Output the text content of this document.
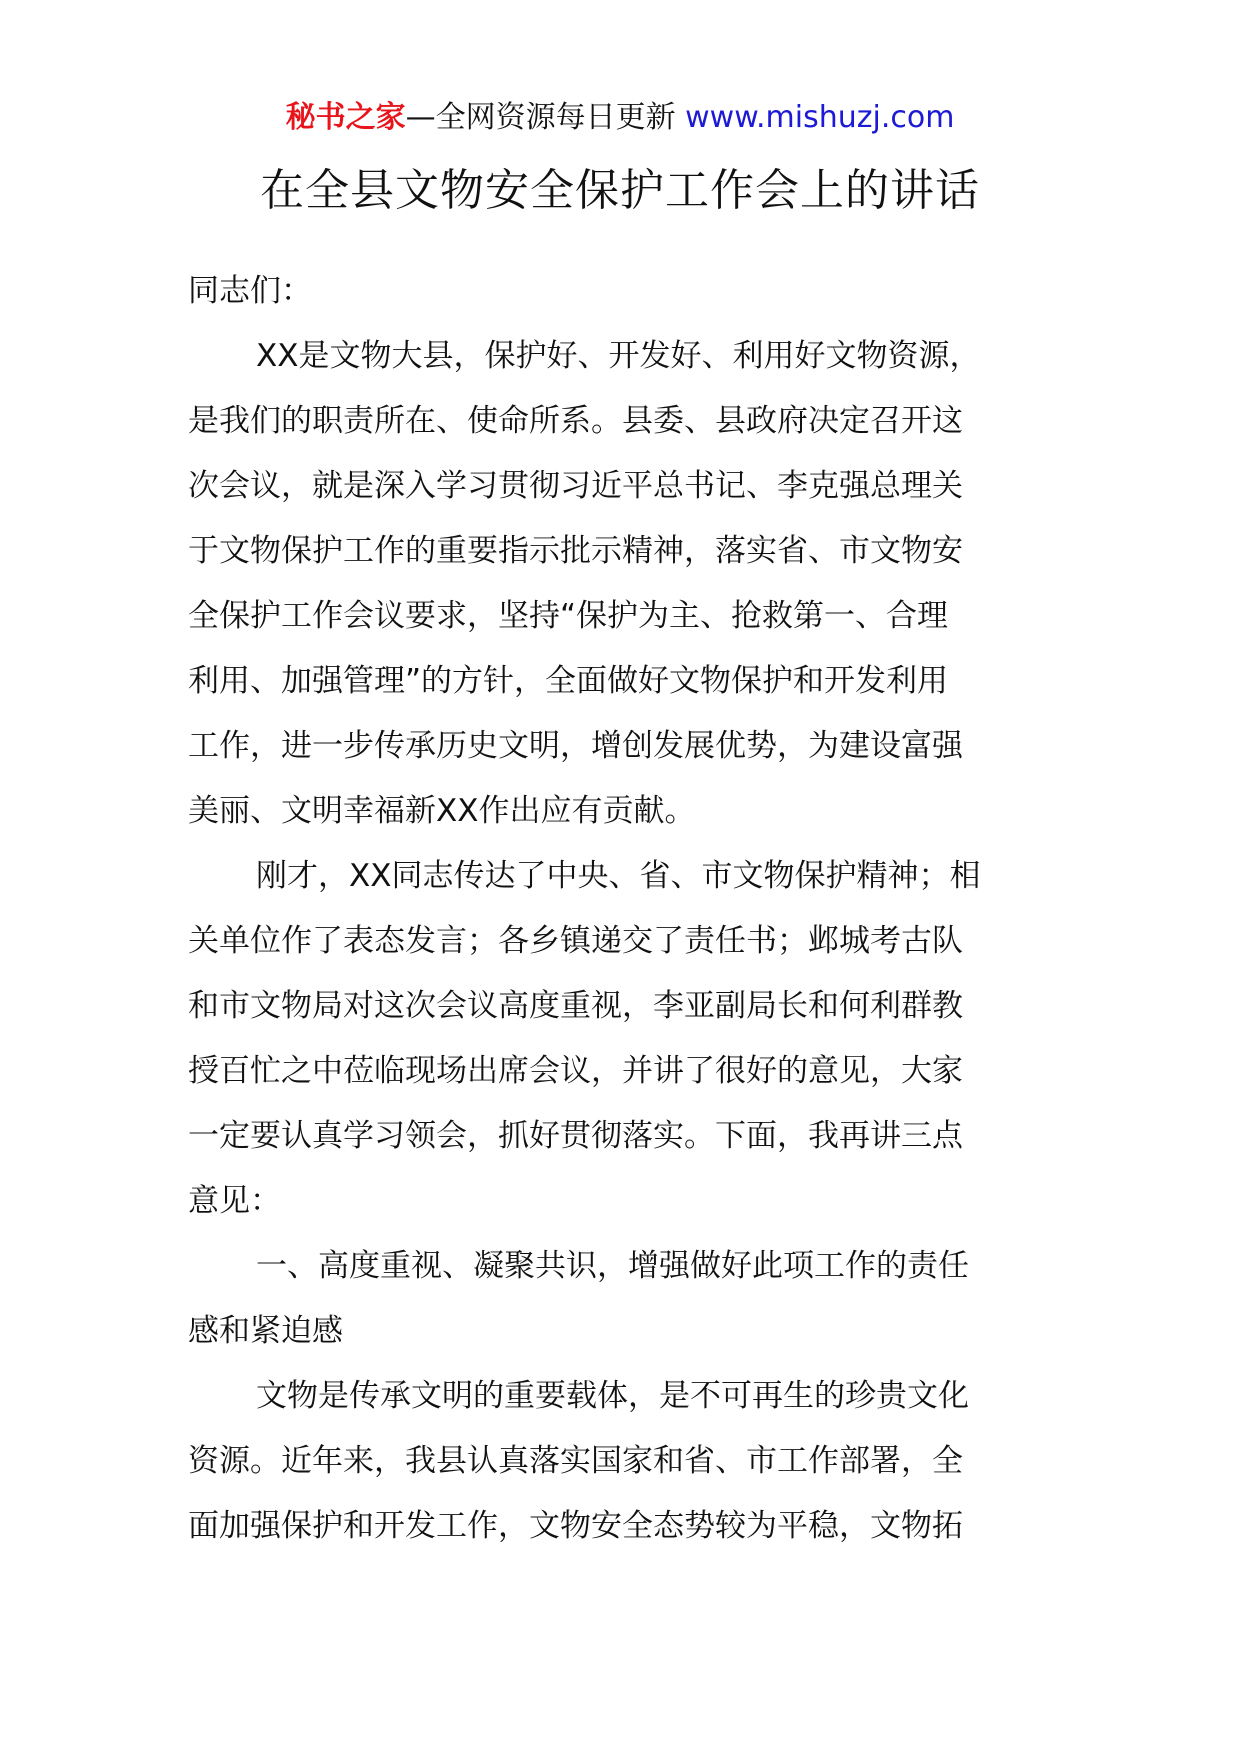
秘书之家—全网资源每日更新 www.mishuzj.com
在全县文物安全保护工作会上的讲话

同志们：

XX是文物大县，保护好、开发好、利用好文物资源，

是我们的职责所在、使命所系。县委、县政府决定召开这

次会议，就是深入学习贯彻习近平总书记、李克强总理关

于文物保护工作的重要指示批示精神，落实省、市文物安

全保护工作会议要求，坚持“保护为主、抢救第一、合理

利用、加强管理”的方针，全面做好文物保护和开发利用

工作，进一步传承历史文明，增创发展优势，为建设富强

美丽、文明幸福新XX作出应有贡献。

刚才，XX同志传达了中央、省、市文物保护精神；相

关单位作了表态发言；各乡镇递交了责任书；邺城考古队

和市文物局对这次会议高度重视，李亚副局长和何利群教

授百忙之中莅临现场出席会议，并讲了很好的意见，大家

一定要认真学习领会，抓好贯彻落实。下面，我再讲三点

意见：

一、高度重视、凝聚共识，增强做好此项工作的责任

感和紧迫感

文物是传承文明的重要载体，是不可再生的珍贵文化

资源。近年来，我县认真落实国家和省、市工作部署，全

面加强保护和开发工作，文物安全态势较为平稳，文物拓
